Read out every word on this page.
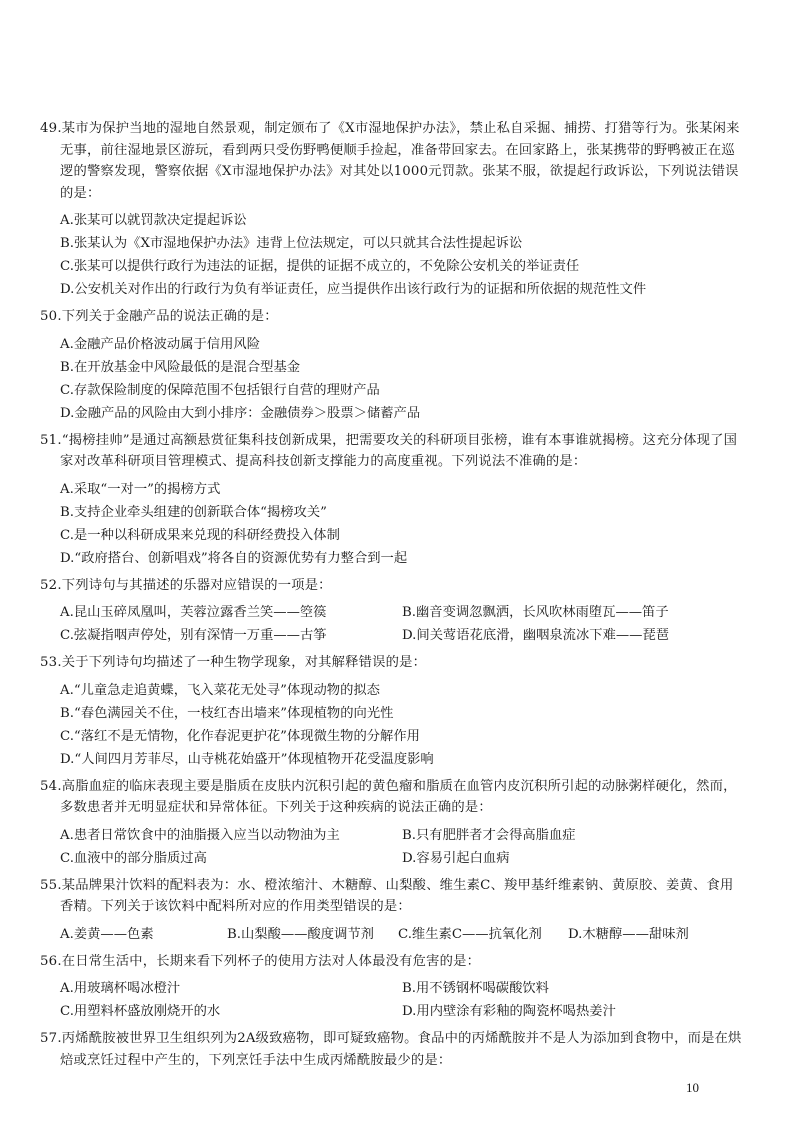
49.某市为保护当地的湿地自然景观，制定颁布了《X市湿地保护办法》，禁止私自采掘、捕捞、打猎等行为。张某闲来无事，前往湿地景区游玩，看到两只受伤野鸭便顺手捡起，准备带回家去。在回家路上，张某携带的野鸭被正在巡逻的警察发现，警察依据《X市湿地保护办法》对其处以1000元罚款。张某不服，欲提起行政诉讼，下列说法错误的是：
A.张某可以就罚款决定提起诉讼
B.张某认为《X市湿地保护办法》违背上位法规定，可以只就其合法性提起诉讼
C.张某可以提供行政行为违法的证据，提供的证据不成立的，不免除公安机关的举证责任
D.公安机关对作出的行政行为负有举证责任，应当提供作出该行政行为的证据和所依据的规范性文件
50.下列关于金融产品的说法正确的是：
A.金融产品价格波动属于信用风险
B.在开放基金中风险最低的是混合型基金
C.存款保险制度的保障范围不包括银行自营的理财产品
D.金融产品的风险由大到小排序：金融债券＞股票＞储蓄产品
51.“揭榜挂帅”是通过高额悬赏征集科技创新成果，把需要攻关的科研项目张榜，谁有本事谁就揭榜。这充分体现了国家对改革科研项目管理模式、提高科技创新支撑能力的高度重视。下列说法不准确的是：
A.采取“一对一”的揭榜方式
B.支持企业牵头组建的创新联合体“揭榜攻关”
C.是一种以科研成果来兑现的科研经费投入体制
D.“政府搭台、创新唱戏”将各自的资源优势有力整合到一起
52.下列诗句与其描述的乐器对应错误的一项是：
A.昆山玉碎凤凰叫，芙蓉泣露香兰笑——箜篌	B.幽音变调忽飘洒，长风吹林雨堕瓦——笛子
C.弦凝指咽声停处，别有深情一万重——古筝	D.间关莺语花底滑，幽咽泉流冰下难——琵琶
53.关于下列诗句均描述了一种生物学现象，对其解释错误的是：
A.“儿童急走追黄蝶，飞入菜花无处寻”体现动物的拟态
B.“春色满园关不住，一枝红杏出墙来”体现植物的向光性
C.“落红不是无情物，化作春泥更护花”体现微生物的分解作用
D.“人间四月芳菲尽，山寺桃花始盛开”体现植物开花受温度影响
54.高脂血症的临床表现主要是脂质在皮肤内沉积引起的黄色瘤和脂质在血管内皮沉积所引起的动脉粥样硬化，然而，多数患者并无明显症状和异常体征。下列关于这种疾病的说法正确的是：
A.患者日常饮食中的油脂摄入应当以动物油为主	B.只有肥胖者才会得高脂血症
C.血液中的部分脂质过高	D.容易引起白血病
55.某品牌果汁饮料的配料表为：水、橙浓缩汁、木糖醇、山梨酸、维生素C、羧甲基纤维素钠、黄原胶、姜黄、食用香精。下列关于该饮料中配料所对应的作用类型错误的是：
A.姜黄——色素	B.山梨酸——酸度调节剂	C.维生素C——抗氧化剂	D.木糖醇——甜味剂
56.在日常生活中，长期来看下列杯子的使用方法对人体最没有危害的是：
A.用玻璃杯喝冰橙汁	B.用不锈钢杯喝碳酸饮料
C.用塑料杯盛放刚烧开的水	D.用内壁涂有彩釉的陶瓷杯喝热姜汁
57.丙烯酰胺被世界卫生组织列为2A级致癌物，即可疑致癌物。食品中的丙烯酰胺并不是人为添加到食物中，而是在烘焙或烹饪过程中产生的，下列烹饪手法中生成丙烯酰胺最少的是：
10
